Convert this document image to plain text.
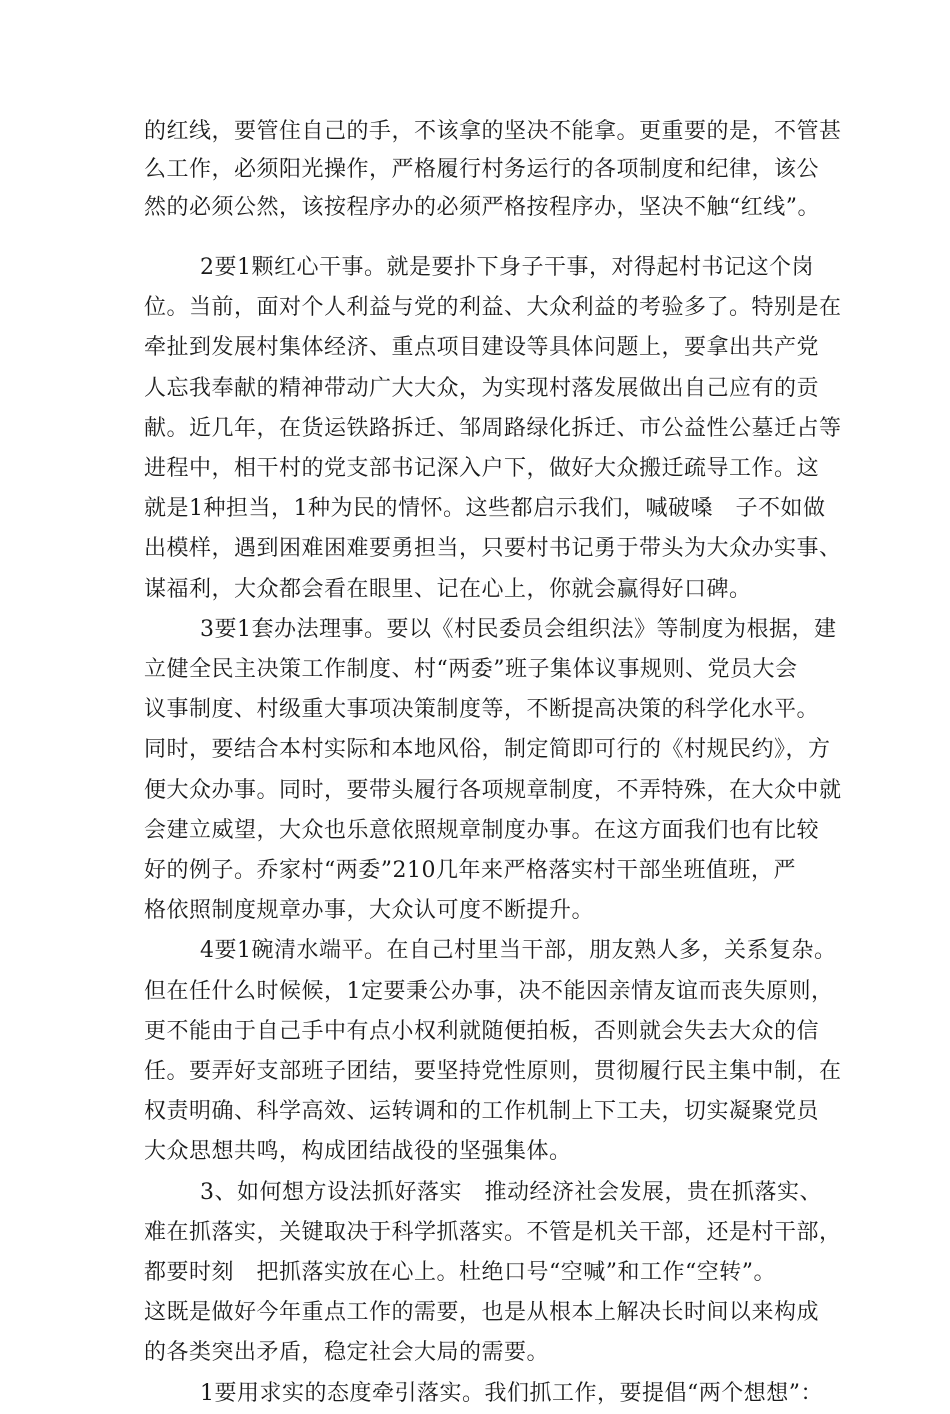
的红线，要管住自己的手，不该拿的坚决不能拿。更重要的是，不管甚
么工作，必须阳光操作，严格履行村务运行的各项制度和纪律，该公
然的必须公然，该按程序办的必须严格按程序办，坚决不触“红线”。
2要1颗红心干事。就是要扑下身子干事，对得起村书记这个岗
位。当前，面对个人利益与党的利益、大众利益的考验多了。特别是在
牵扯到发展村集体经济、重点项目建设等具体问题上，要拿出共产党
人忘我奉献的精神带动广大大众，为实现村落发展做出自己应有的贡
献。近几年，在货运铁路拆迁、邹周路绿化拆迁、市公益性公墓迁占等
进程中，相干村的党支部书记深入户下，做好大众搬迁疏导工作。这
就是1种担当，1种为民的情怀。这些都启示我们，喊破嗓　子不如做
出模样，遇到困难困难要勇担当，只要村书记勇于带头为大众办实事、
谋福利，大众都会看在眼里、记在心上，你就会赢得好口碑。
3要1套办法理事。要以《村民委员会组织法》等制度为根据，建
立健全民主决策工作制度、村“两委”班子集体议事规则、党员大会
议事制度、村级重大事项决策制度等，不断提高决策的科学化水平。
同时，要结合本村实际和本地风俗，制定简即可行的《村规民约》，方
便大众办事。同时，要带头履行各项规章制度，不弄特殊，在大众中就
会建立威望，大众也乐意依照规章制度办事。在这方面我们也有比较
好的例子。乔家村“两委”210几年来严格落实村干部坐班值班，严
格依照制度规章办事，大众认可度不断提升。
4要1碗清水端平。在自己村里当干部，朋友熟人多，关系复杂。
但在任什么时候候，1定要秉公办事，决不能因亲情友谊而丧失原则，
更不能由于自己手中有点小权利就随便拍板，否则就会失去大众的信
任。要弄好支部班子团结，要坚持党性原则，贯彻履行民主集中制，在
权责明确、科学高效、运转调和的工作机制上下工夫，切实凝聚党员
大众思想共鸣，构成团结战役的坚强集体。
3、如何想方设法抓好落实　推动经济社会发展，贵在抓落实、
难在抓落实，关键取决于科学抓落实。不管是机关干部，还是村干部，
都要时刻　把抓落实放在心上。杜绝口号“空喊”和工作“空转”。
这既是做好今年重点工作的需要，也是从根本上解决长时间以来构成
的各类突出矛盾，稳定社会大局的需要。
1要用求实的态度牵引落实。我们抓工作，要提倡“两个想想”：
